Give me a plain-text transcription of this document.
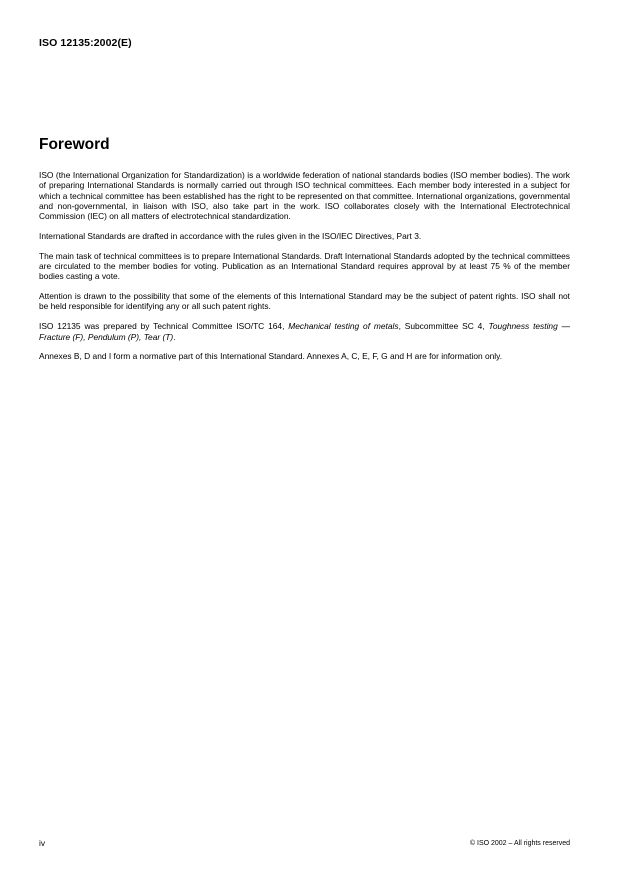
ISO 12135:2002(E)
Foreword

ISO (the International Organization for Standardization) is a worldwide federation of national standards bodies (ISO member bodies). The work of preparing International Standards is normally carried out through ISO technical committees. Each member body interested in a subject for which a technical committee has been established has the right to be represented on that committee. International organizations, governmental and non-governmental, in liaison with ISO, also take part in the work. ISO collaborates closely with the International Electrotechnical Commission (IEC) on all matters of electrotechnical standardization.

International Standards are drafted in accordance with the rules given in the ISO/IEC Directives, Part 3.

The main task of technical committees is to prepare International Standards. Draft International Standards adopted by the technical committees are circulated to the member bodies for voting. Publication as an International Standard requires approval by at least 75 % of the member bodies casting a vote.

Attention is drawn to the possibility that some of the elements of this International Standard may be the subject of patent rights. ISO shall not be held responsible for identifying any or all such patent rights.

ISO 12135 was prepared by Technical Committee ISO/TC 164, Mechanical testing of metals, Subcommittee SC 4, Toughness testing — Fracture (F), Pendulum (P), Tear (T).

Annexes B, D and I form a normative part of this International Standard. Annexes A, C, E, F, G and H are for information only.

iv	© ISO 2002 – All rights reserved
